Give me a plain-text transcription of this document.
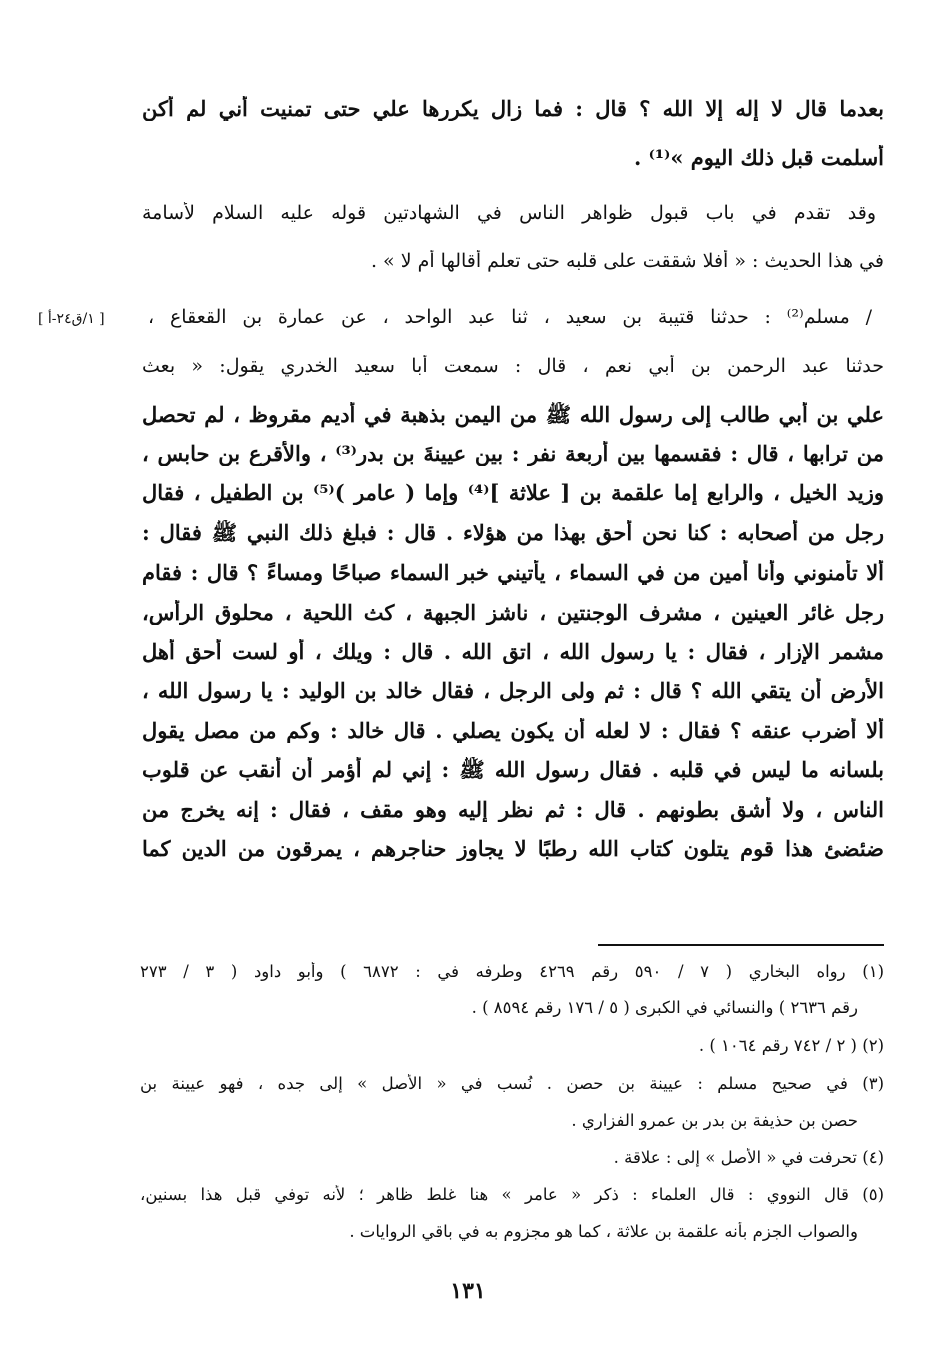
بعدما قال لا إله إلا الله ؟ قال : فما زال يكررها علي حتى تمنيت أني لم أكن
أسلمت قبل ذلك اليوم »⁽¹⁾ .
وقد تقدم في باب قبول ظواهر الناس في الشهادتين قوله عليه السلام لأسامة
في هذا الحديث : « أفلا شققت على قلبه حتى تعلم أقالها أم لا » .
[ ١/ق٢٤-أ ] / مسلم⁽²⁾ : حدثنا قتيبة بن سعيد ، ثنا عبد الواحد ، عن عمارة بن القعقاع ،
حدثنا عبد الرحمن بن أبي نعم ، قال : سمعت أبا سعيد الخدري يقول: « بعث
علي بن أبي طالب إلى رسول الله ﷺ من اليمن بذهبة في أديم مقروظ ، لم تحصل
من ترابها ، قال : فقسمها بين أربعة نفر : بين عيينةَ بن بدر⁽³⁾ ، والأقرع بن حابس ،
وزيد الخيل ، والرابع إما علقمة بن [ علاثة ]⁽⁴⁾ وإما ( عامر )⁽⁵⁾ بن الطفيل ، فقال
رجل من أصحابه : كنا نحن أحق بهذا من هؤلاء . قال : فبلغ ذلك النبي ﷺ فقال :
ألا تأمنوني وأنا أمين من في السماء ، يأتيني خبر السماء صباحًا ومساءً ؟ قال : فقام
رجل غائر العينين ، مشرف الوجنتين ، ناشز الجبهة ، كث اللحية ، محلوق الرأس،
مشمر الإزار ، فقال : يا رسول الله ، اتق الله . قال : ويلك ، أو لست أحق أهل
الأرض أن يتقي الله ؟ قال : ثم ولى الرجل ، فقال خالد بن الوليد : يا رسول الله ،
ألا أضرب عنقه ؟ فقال : لا لعله أن يكون يصلي . قال خالد : وكم من مصل يقول
بلسانه ما ليس في قلبه . فقال رسول الله ﷺ : إني لم أؤمر أن أنقب عن قلوب
الناس ، ولا أشق بطونهم . قال : ثم نظر إليه وهو مقف ، فقال : إنه يخرج من
ضئضئ هذا قوم يتلون كتاب الله رطبًا لا يجاوز حناجرهم ، يمرقون من الدين كما
(١) رواه البخاري ( ٧ / ٥٩٠ رقم ٤٢٦٩ وطرفه في : ٦٨٧٢ ) وأبو داود ( ٣ / ٢٧٣
رقم ٢٦٣٦ ) والنسائي في الكبرى ( ٥ / ١٧٦ رقم ٨٥٩٤ ) .
(٢) ( ٢ / ٧٤٢ رقم ١٠٦٤ ) .
(٣) في صحيح مسلم : عيينة بن حصن . نُسب في « الأصل » إلى جده ، فهو عيينة بن
حصن بن حذيفة بن بدر بن عمرو الفزاري .
(٤) تحرفت في « الأصل » إلى : علاقة .
(٥) قال النووي : قال العلماء : ذكر « عامر » هنا غلط ظاهر ؛ لأنه توفي قبل هذا بسنين،
والصواب الجزم بأنه علقمة بن علاثة ، كما هو مجزوم به في باقي الروايات .
١٣١
